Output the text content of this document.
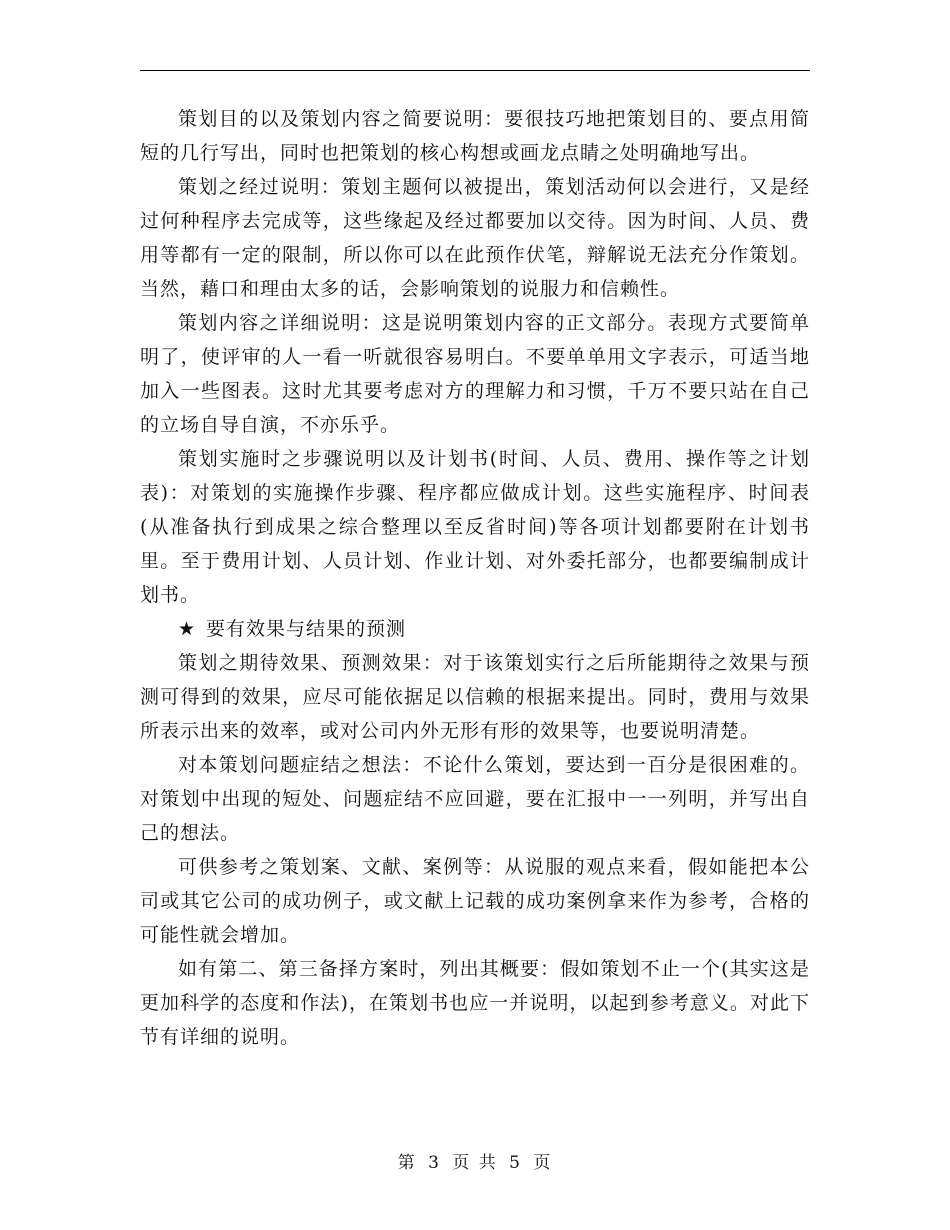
策划目的以及策划内容之简要说明：要很技巧地把策划目的、要点用简短的几行写出，同时也把策划的核心构想或画龙点睛之处明确地写出。

策划之经过说明：策划主题何以被提出，策划活动何以会进行，又是经过何种程序去完成等，这些缘起及经过都要加以交待。因为时间、人员、费用等都有一定的限制，所以你可以在此预作伏笔，辩解说无法充分作策划。当然，藉口和理由太多的话，会影响策划的说服力和信赖性。

策划内容之详细说明：这是说明策划内容的正文部分。表现方式要简单明了，使评审的人一看一听就很容易明白。不要单单用文字表示，可适当地加入一些图表。这时尤其要考虑对方的理解力和习惯，千万不要只站在自己的立场自导自演，不亦乐乎。

策划实施时之步骤说明以及计划书(时间、人员、费用、操作等之计划表)：对策划的实施操作步骤、程序都应做成计划。这些实施程序、时间表(从准备执行到成果之综合整理以至反省时间)等各项计划都要附在计划书里。至于费用计划、人员计划、作业计划、对外委托部分，也都要编制成计划书。

★ 要有效果与结果的预测

策划之期待效果、预测效果：对于该策划实行之后所能期待之效果与预测可得到的效果，应尽可能依据足以信赖的根据来提出。同时，费用与效果所表示出来的效率，或对公司内外无形有形的效果等，也要说明清楚。

对本策划问题症结之想法：不论什么策划，要达到一百分是很困难的。对策划中出现的短处、问题症结不应回避，要在汇报中一一列明，并写出自己的想法。

可供参考之策划案、文献、案例等：从说服的观点来看，假如能把本公司或其它公司的成功例子，或文献上记载的成功案例拿来作为参考，合格的可能性就会增加。

如有第二、第三备择方案时，列出其概要：假如策划不止一个(其实这是更加科学的态度和作法)，在策划书也应一并说明，以起到参考意义。对此下节有详细的说明。

第 3 页 共 5 页
